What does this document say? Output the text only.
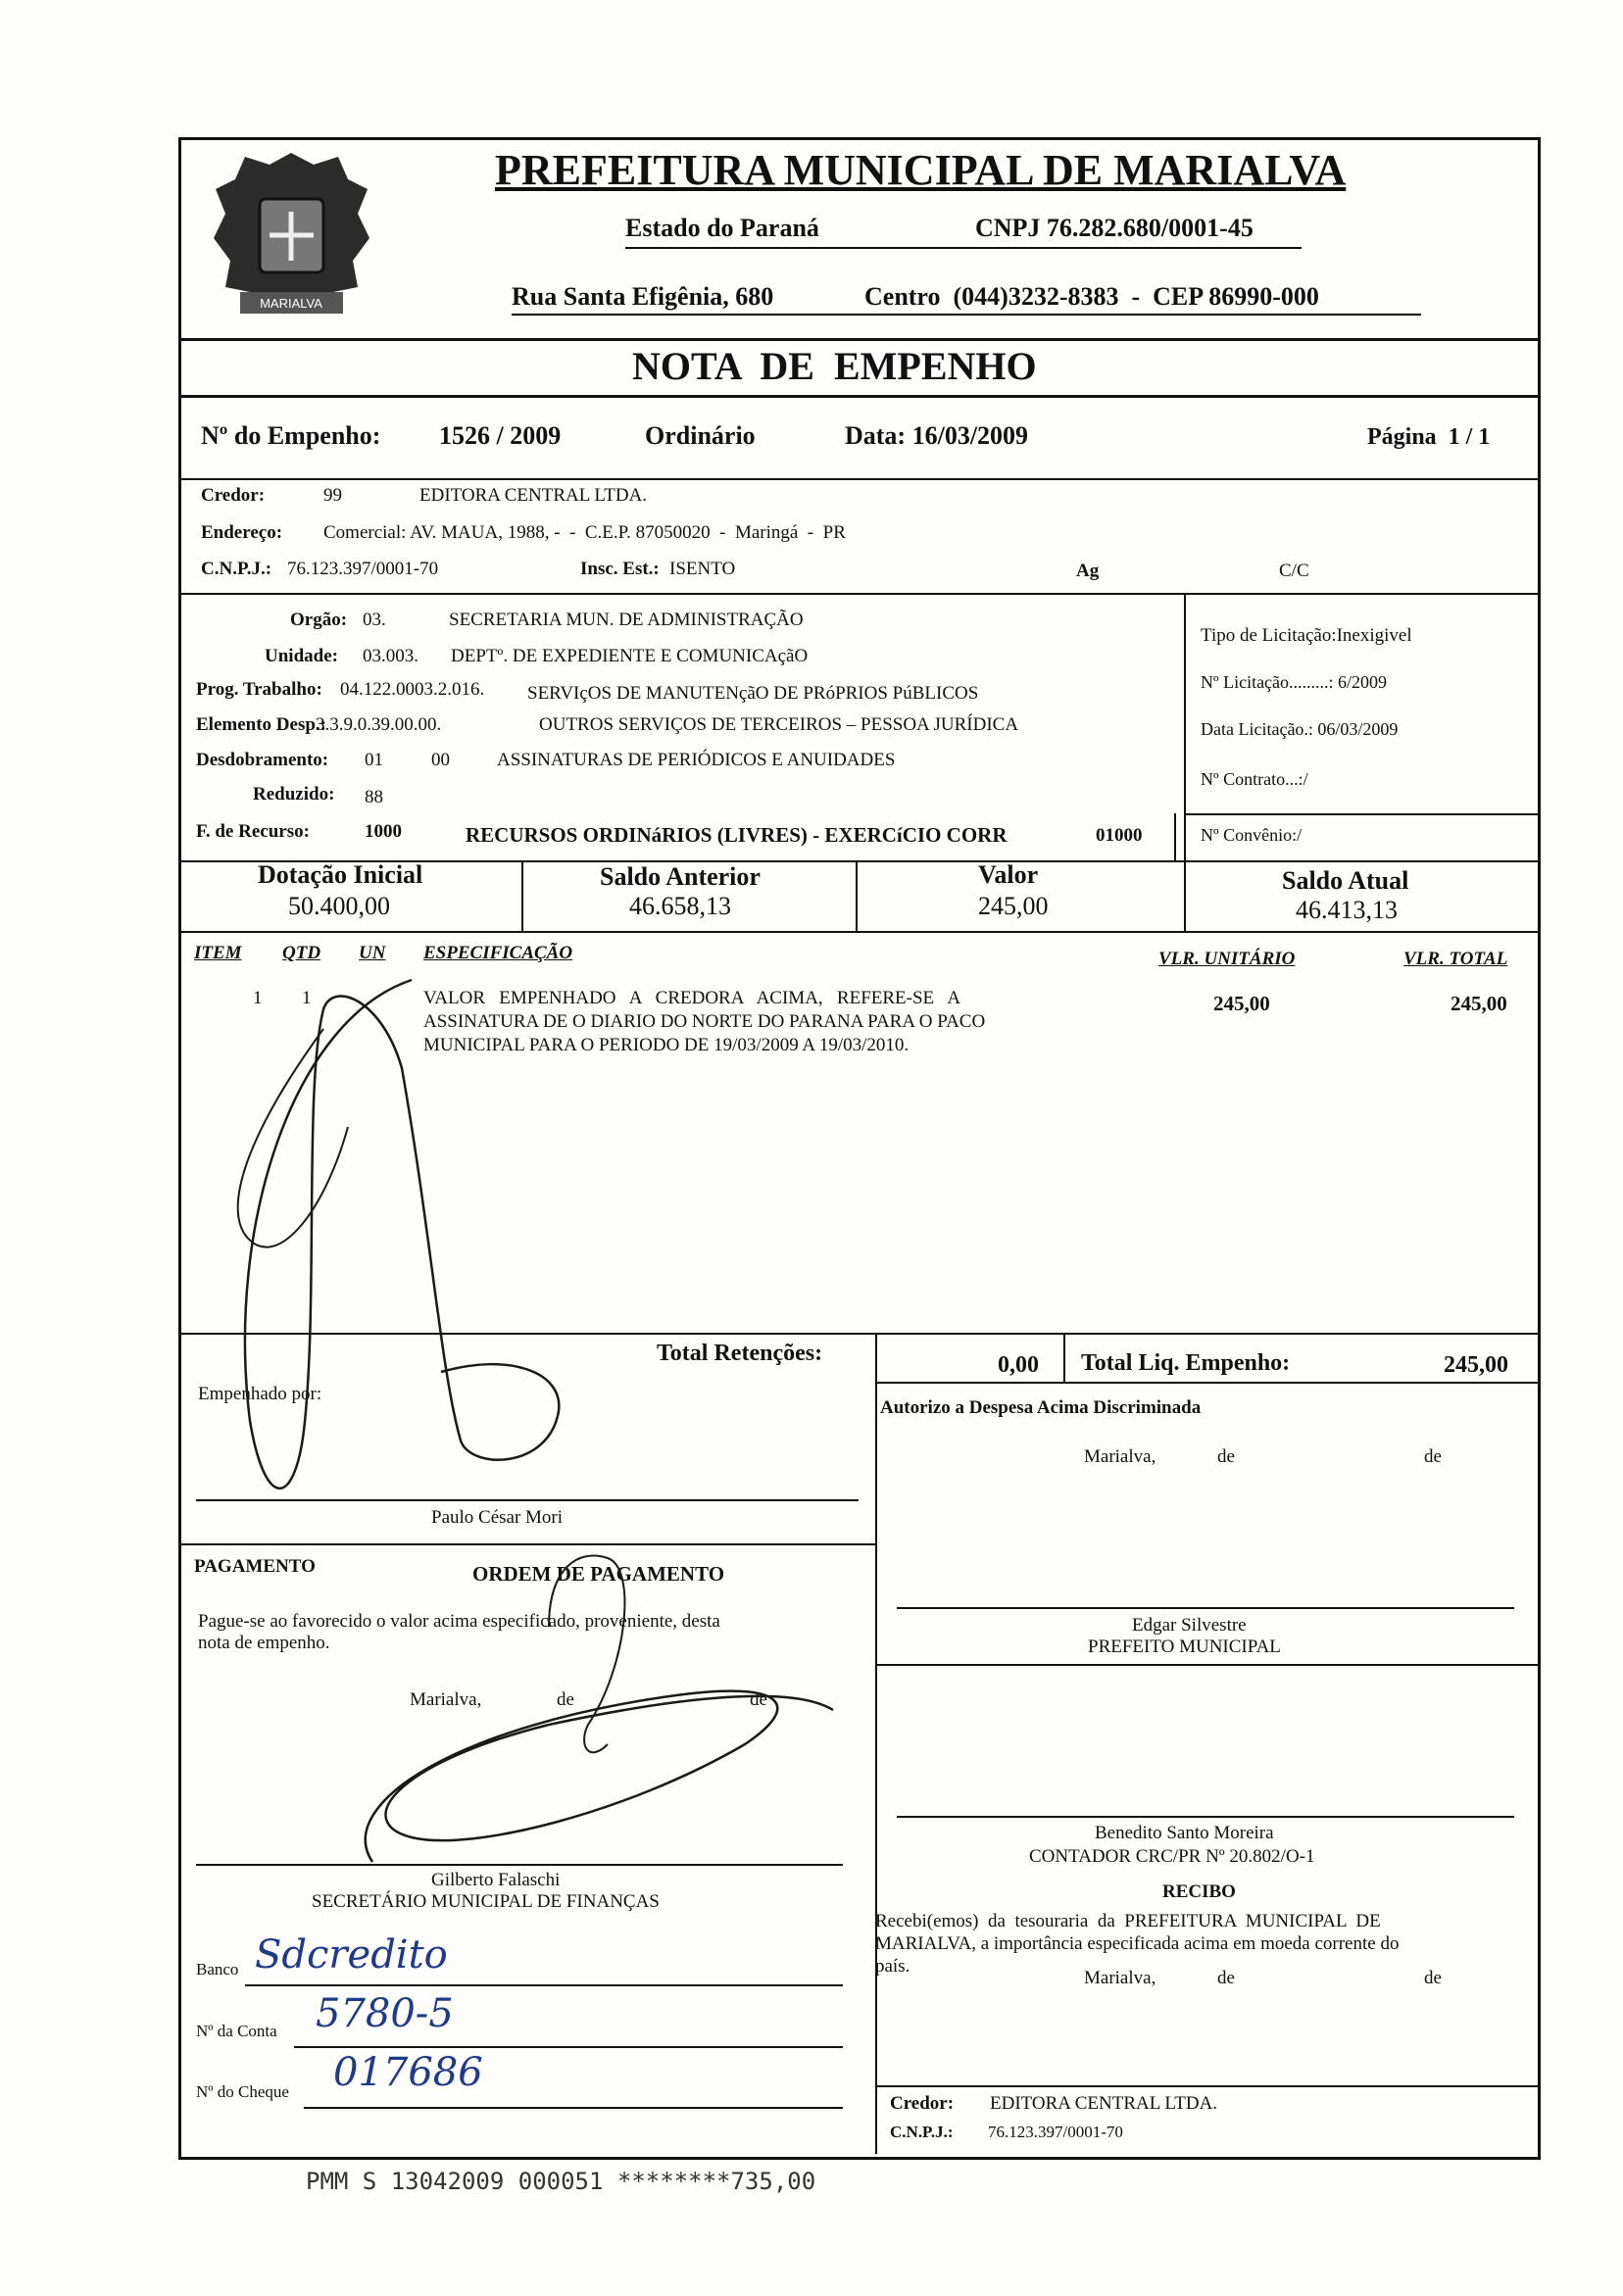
MARIALVA
PREFEITURA MUNICIPAL DE MARIALVA
Estado do Paraná	CNPJ 76.282.680/0001-45
Rua Santa Efigênia, 680	Centro  (044)3232-8383  -  CEP 86990-000
NOTA  DE  EMPENHO
Nº do Empenho: 1526 / 2009	Ordinário	Data: 16/03/2009	Página  1 / 1
Credor:	99	EDITORA CENTRAL LTDA.
Endereço: Comercial: AV. MAUA, 1988, -  -  C.E.P. 87050020  -  Maringá  -  PR
C.N.P.J.: 76.123.397/0001-70	Insc. Est.: ISENTO	Ag	C/C
Orgão: 03.	SECRETARIA MUN. DE ADMINISTRAÇÃO
Unidade: 03.003. DEPTº. DE EXPEDIENTE E COMUNICAçãO
Prog. Trabalho: 04.122.0003.2.016. SERVIçOS DE MANUTENçãO DE PRóPRIOS PúBLICOS
Elemento Desp.:
3.3.9.0.39.00.00.	OUTROS SERVIÇOS DE TERCEIROS – PESSOA JURÍDICA
Desdobramento: 01	00	ASSINATURAS DE PERIÓDICOS E ANUIDADES
Reduzido: 88
F. de Recurso:	1000	RECURSOS ORDINáRIOS (LIVRES) - EXERCíCIO CORR	01000
Tipo de Licitação:Inexigivel
Nº Licitação.........: 6/2009
Data Licitação.: 06/03/2009
Nº Contrato...:/
Nº Convênio:/
Dotação Inicial
50.400,00
Saldo Anterior
46.658,13
Valor
245,00
Saldo Atual
46.413,13
ITEM QTD UN ESPECIFICAÇÃO	VLR. UNITÁRIO	VLR. TOTAL
1 1	VALOR   EMPENHADO   A   CREDORA   ACIMA,   REFERE-SE   A
ASSINATURA DE O DIARIO DO NORTE DO PARANA PARA O PACO
MUNICIPAL PARA O PERIODO DE 19/03/2009 A 19/03/2010.
245,00	245,00
Total Retenções:	0,00 Total Liq. Empenho:	245,00
Empenhado por:
Paulo César Mori
Autorizo a Despesa Acima Discriminada
Marialva,	de	de
Edgar Silvestre
PREFEITO MUNICIPAL
Benedito Santo Moreira
CONTADOR CRC/PR Nº 20.802/O-1
RECIBO
Recebi(emos)  da  tesouraria  da  PREFEITURA  MUNICIPAL  DE
MARIALVA, a importância especificada acima em moeda corrente do
país.
Marialva,	de	de
Credor: EDITORA CENTRAL LTDA.
C.N.P.J.: 76.123.397/0001-70
PAGAMENTO	ORDEM DE PAGAMENTO
Pague-se ao favorecido o valor acima especificado, proveniente, desta
nota de empenho.
Marialva,	de	de
Gilberto Falaschi
SECRETÁRIO MUNICIPAL DE FINANÇAS
Banco Sdcredito
Nº da Conta 5780-5
Nº do Cheque 017686
PMM S 13042009 000051 ********735,00
